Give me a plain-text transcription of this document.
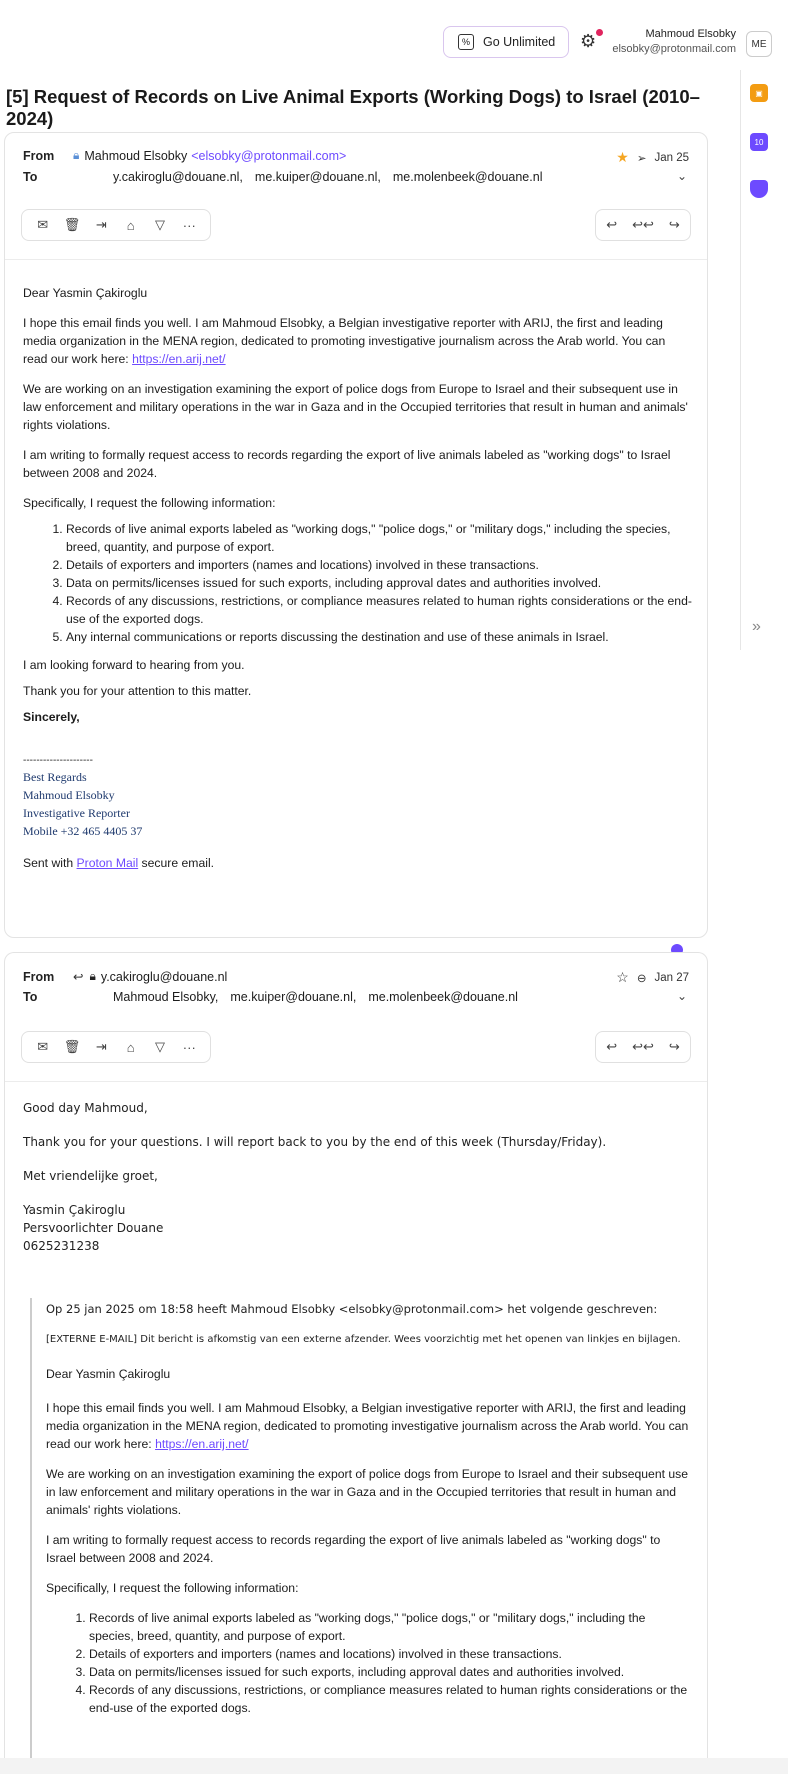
%	Go Unlimited ⚙	Mahmoud Elsobky
elsobky@protonmail.com	ME
[5] Request of Records on Live Animal Exports (Working Dogs) to Israel (2010–2024)
▣
10
»
From	🔒︎ Mahmoud Elsobky <elsobky@protonmail.com>	★ ➢ Jan 25
To	y.cakiroglu@douane.nl, me.kuiper@douane.nl, me.molenbeek@douane.nl	⌄
✉	🗑︎	⇥	⌂	▽	···	↩	↩↩	↪

Dear Yasmin Çakiroglu

I hope this email finds you well. I am Mahmoud Elsobky, a Belgian investigative reporter with ARIJ, the first and leading media organization in the MENA region, dedicated to promoting investigative journalism across the Arab world. You can read our work here: https://en.arij.net/

We are working on an investigation examining the export of police dogs from Europe to Israel and their subsequent use in law enforcement and military operations in the war in Gaza and in the Occupied territories that result in human and animals' rights violations.

I am writing to formally request access to records regarding the export of live animals labeled as "working dogs" to Israel between 2008 and 2024.

Specifically, I request the following information:

1. Records of live animal exports labeled as "working dogs," "police dogs," or "military dogs," including the species, breed, quantity, and purpose of export.
2. Details of exporters and importers (names and locations) involved in these transactions.
3. Data on permits/licenses issued for such exports, including approval dates and authorities involved.
4. Records of any discussions, restrictions, or compliance measures related to human rights considerations or the end-use of the exported dogs.
5. Any internal communications or reports discussing the destination and use of these animals in Israel.

I am looking forward to hearing from you.

Thank you for your attention to this matter.

Sincerely,

---------------------
Best Regards
Mahmoud Elsobky
Investigative Reporter
Mobile +32 465 4405 37

Sent with Proton Mail secure email.

From	↩ 🔒︎ y.cakiroglu@douane.nl	☆ ⊖ Jan 27
To	Mahmoud Elsobky, me.kuiper@douane.nl, me.molenbeek@douane.nl	⌄
✉	🗑︎	⇥	⌂	▽	···	↩	↩↩	↪

Good day Mahmoud,

Thank you for your questions. I will report back to you by the end of this week (Thursday/Friday).

Met vriendelijke groet,

Yasmin Çakiroglu
Persvoorlichter Douane
0625231238
Op 25 jan 2025 om 18:58 heeft Mahmoud Elsobky <elsobky@protonmail.com> het volgende geschreven:
[EXTERNE E-MAIL] Dit bericht is afkomstig van een externe afzender. Wees voorzichtig met het openen van linkjes en bijlagen.

Dear Yasmin Çakiroglu

I hope this email finds you well. I am Mahmoud Elsobky, a Belgian investigative reporter with ARIJ, the first and leading media organization in the MENA region, dedicated to promoting investigative journalism across the Arab world. You can read our work here: https://en.arij.net/

We are working on an investigation examining the export of police dogs from Europe to Israel and their subsequent use in law enforcement and military operations in the war in Gaza and in the Occupied territories that result in human and animals' rights violations.

I am writing to formally request access to records regarding the export of live animals labeled as "working dogs" to Israel between 2008 and 2024.

Specifically, I request the following information:

1. Records of live animal exports labeled as "working dogs," "police dogs," or "military dogs," including the species, breed, quantity, and purpose of export.
2. Details of exporters and importers (names and locations) involved in these transactions.
3. Data on permits/licenses issued for such exports, including approval dates and authorities involved.
4. Records of any discussions, restrictions, or compliance measures related to human rights considerations or the end-use of the exported dogs.
